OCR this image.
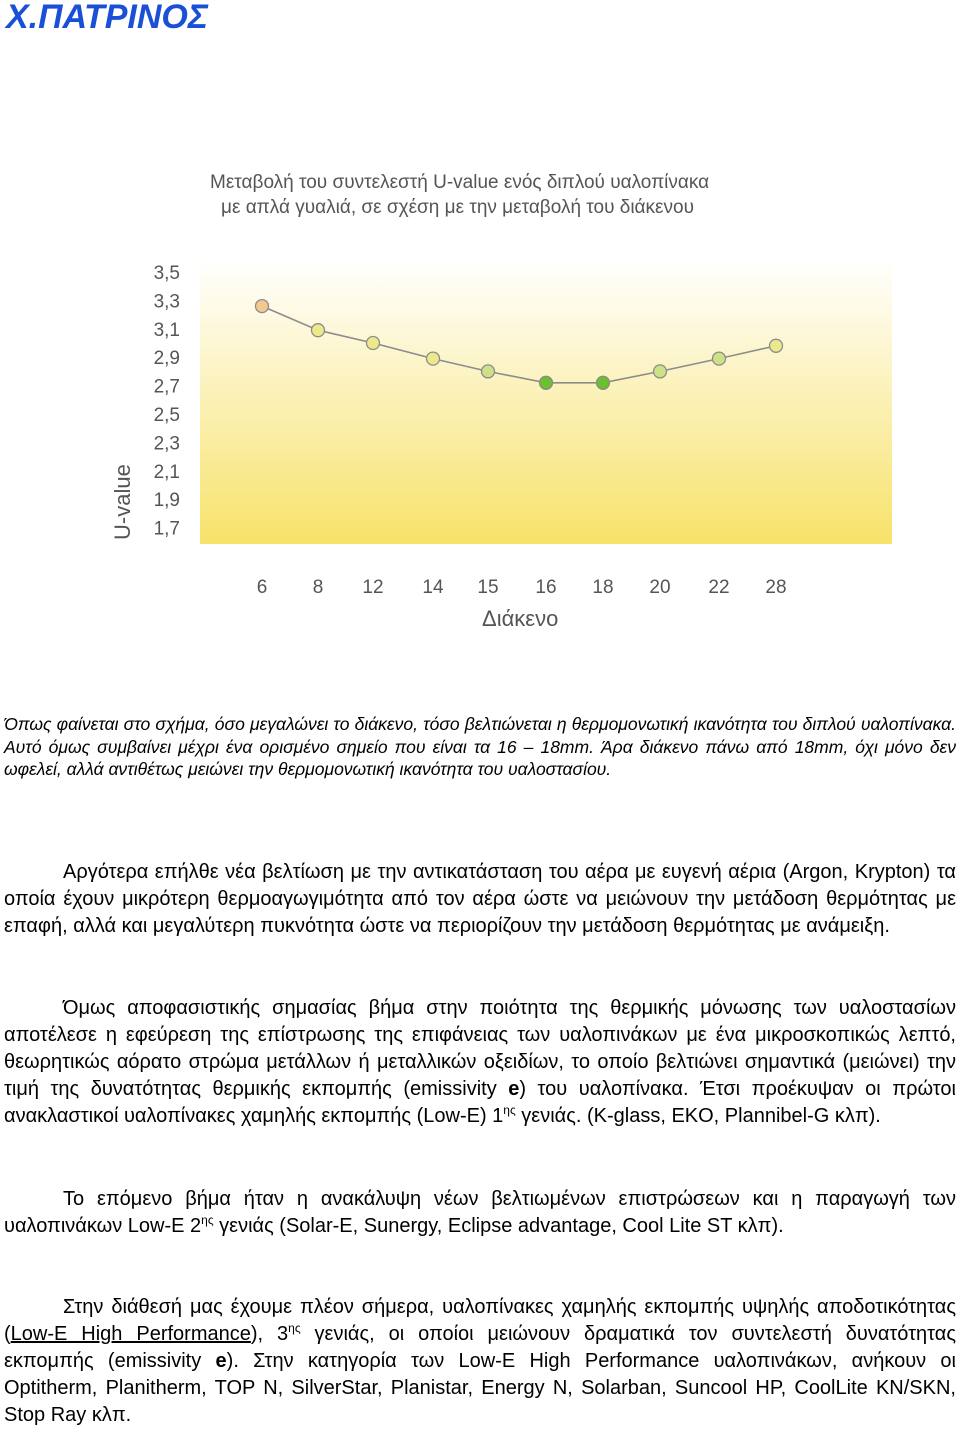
Χ.ΠΑΤΡΙΝΟΣ
Μεταβολή του συντελεστή U-value ενός διπλού υαλοπίνακα
με απλά γυαλιά, σε σχέση με την μεταβολή του διάκενου
U-value
Διάκενο
3,5
3,3
3,1
2,9
2,7
2,5
2,3
2,1
1,9
1,7
6 8 12 14 15 16 18 20 22 28

Όπως φαίνεται στο σχήμα, όσο μεγαλώνει το διάκενο, τόσο βελτιώνεται η θερμομονωτική ικανότητα του διπλού υαλοπίνακα. Αυτό όμως συμβαίνει μέχρι ένα ορισμένο σημείο που είναι τα 16 – 18mm. Άρα διάκενο πάνω από 18mm, όχι μόνο δεν ωφελεί, αλλά αντιθέτως μειώνει την θερμομονωτική ικανότητα του υαλοστασίου.

Αργότερα επήλθε νέα βελτίωση με την αντικατάσταση του αέρα με ευγενή αέρια (Argon, Krypton) τα οποία έχουν μικρότερη θερμοαγωγιμότητα από τον αέρα ώστε να μειώνουν την μετάδοση θερμότητας με επαφή, αλλά και μεγαλύτερη πυκνότητα ώστε να περιορίζουν την μετάδοση θερμότητας με ανάμειξη.

Όμως αποφασιστικής σημασίας βήμα στην ποιότητα της θερμικής μόνωσης των υαλοστασίων αποτέλεσε η εφεύρεση της επίστρωσης της επιφάνειας των υαλοπινάκων με ένα μικροσκοπικώς λεπτό, θεωρητικώς αόρατο στρώμα μετάλλων ή μεταλλικών οξειδίων, το οποίο βελτιώνει σημαντικά (μειώνει) την τιμή της δυνατότητας θερμικής εκπομπής (emissivity e) του υαλοπίνακα. Έτσι προέκυψαν οι πρώτοι ανακλαστικοί υαλοπίνακες χαμηλής εκπομπής (Low-E) $1^{\eta\varsigma}$ γενιάς. (K-glass, EKO, Plannibel-G κλπ).

Το επόμενο βήμα ήταν η ανακάλυψη νέων βελτιωμένων επιστρώσεων και η παραγωγή των υαλοπινάκων Low-E $2^{\eta\varsigma}$ γενιάς (Solar-E, Sunergy, Eclipse advantage, Cool Lite ST κλπ).

Στην διάθεσή μας έχουμε πλέον σήμερα, υαλοπίνακες χαμηλής εκπομπής υψηλής αποδοτικότητας (Low-E High Performance), $3^{\eta\varsigma}$ γενιάς, οι οποίοι μειώνουν δραματικά τον συντελεστή δυνατότητας εκπομπής (emissivity e). Στην κατηγορία των Low-E High Performance υαλοπινάκων, ανήκουν οι Optitherm, Planitherm, TOP N, SilverStar, Planistar, Energy N, Solarban, Suncool HP, CoolLite KN/SKN, Stop Ray κλπ.
